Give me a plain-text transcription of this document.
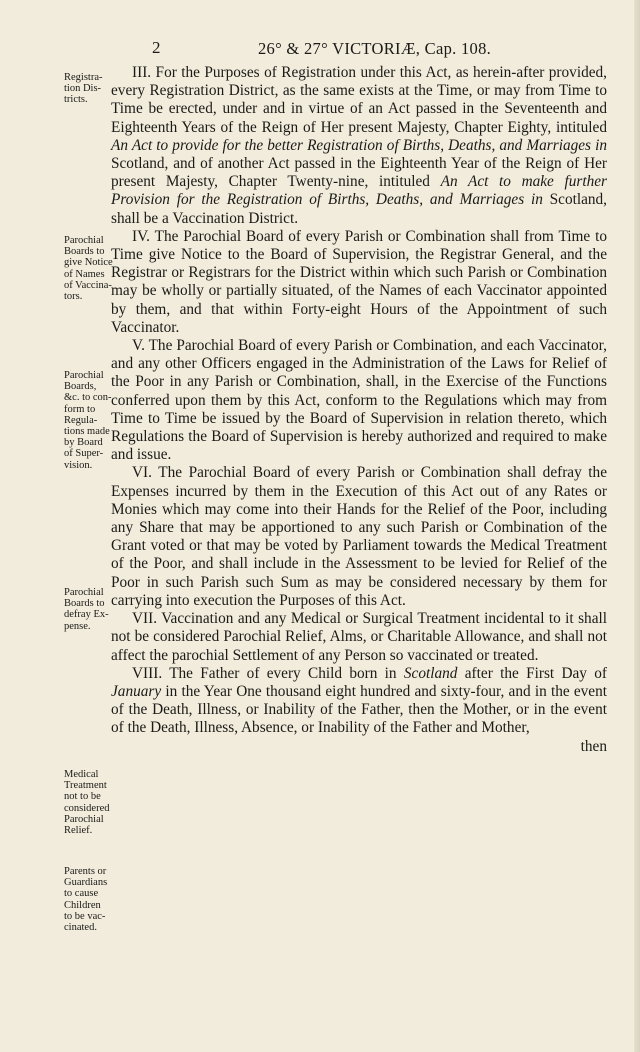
2	26° & 27° VICTORIÆ, Cap. 108.
Registra-
tion Dis-
tricts.
Parochial
Boards to
give Notice
of Names
of Vaccina-
tors.
Parochial
Boards,
&c. to con-
form to
Regula-
tions made
by Board
of Super-
vision.
Parochial
Boards to
defray Ex-
pense.
Medical
Treatment
not to be
considered
Parochial
Relief.
Parents or
Guardians
to cause
Children
to be vac-
cinated.

III. For the Purposes of Registration under this Act, as herein-after provided, every Registration District, as the same exists at the Time, or may from Time to Time be erected, under and in virtue of an Act passed in the Seventeenth and Eighteenth Years of the Reign of Her present Majesty, Chapter Eighty, intituled An Act to provide for the better Registration of Births, Deaths, and Marriages in Scotland, and of another Act passed in the Eighteenth Year of the Reign of Her present Majesty, Chapter Twenty-nine, intituled An Act to make further Provision for the Registration of Births, Deaths, and Marriages in Scotland, shall be a Vaccination District.

IV. The Parochial Board of every Parish or Combination shall from Time to Time give Notice to the Board of Supervision, the Registrar General, and the Registrar or Registrars for the District within which such Parish or Combination may be wholly or partially situated, of the Names of each Vaccinator appointed by them, and that within Forty-eight Hours of the Appointment of such Vaccinator.

V. The Parochial Board of every Parish or Combination, and each Vaccinator, and any other Officers engaged in the Administration of the Laws for Relief of the Poor in any Parish or Combination, shall, in the Exercise of the Functions conferred upon them by this Act, conform to the Regulations which may from Time to Time be issued by the Board of Supervision in relation thereto, which Regulations the Board of Supervision is hereby authorized and required to make and issue.

VI. The Parochial Board of every Parish or Combination shall defray the Expenses incurred by them in the Execution of this Act out of any Rates or Monies which may come into their Hands for the Relief of the Poor, including any Share that may be apportioned to any such Parish or Combination of the Grant voted or that may be voted by Parliament towards the Medical Treatment of the Poor, and shall include in the Assessment to be levied for Relief of the Poor in such Parish such Sum as may be considered necessary by them for carrying into execution the Purposes of this Act.

VII. Vaccination and any Medical or Surgical Treatment incidental to it shall not be considered Parochial Relief, Alms, or Charitable Allowance, and shall not affect the parochial Settlement of any Person so vaccinated or treated.

VIII. The Father of every Child born in Scotland after the First Day of January in the Year One thousand eight hundred and sixty-four, and in the event of the Death, Illness, or Inability of the Father, then the Mother, or in the event of the Death, Illness, Absence, or Inability of the Father and Mother,

then
